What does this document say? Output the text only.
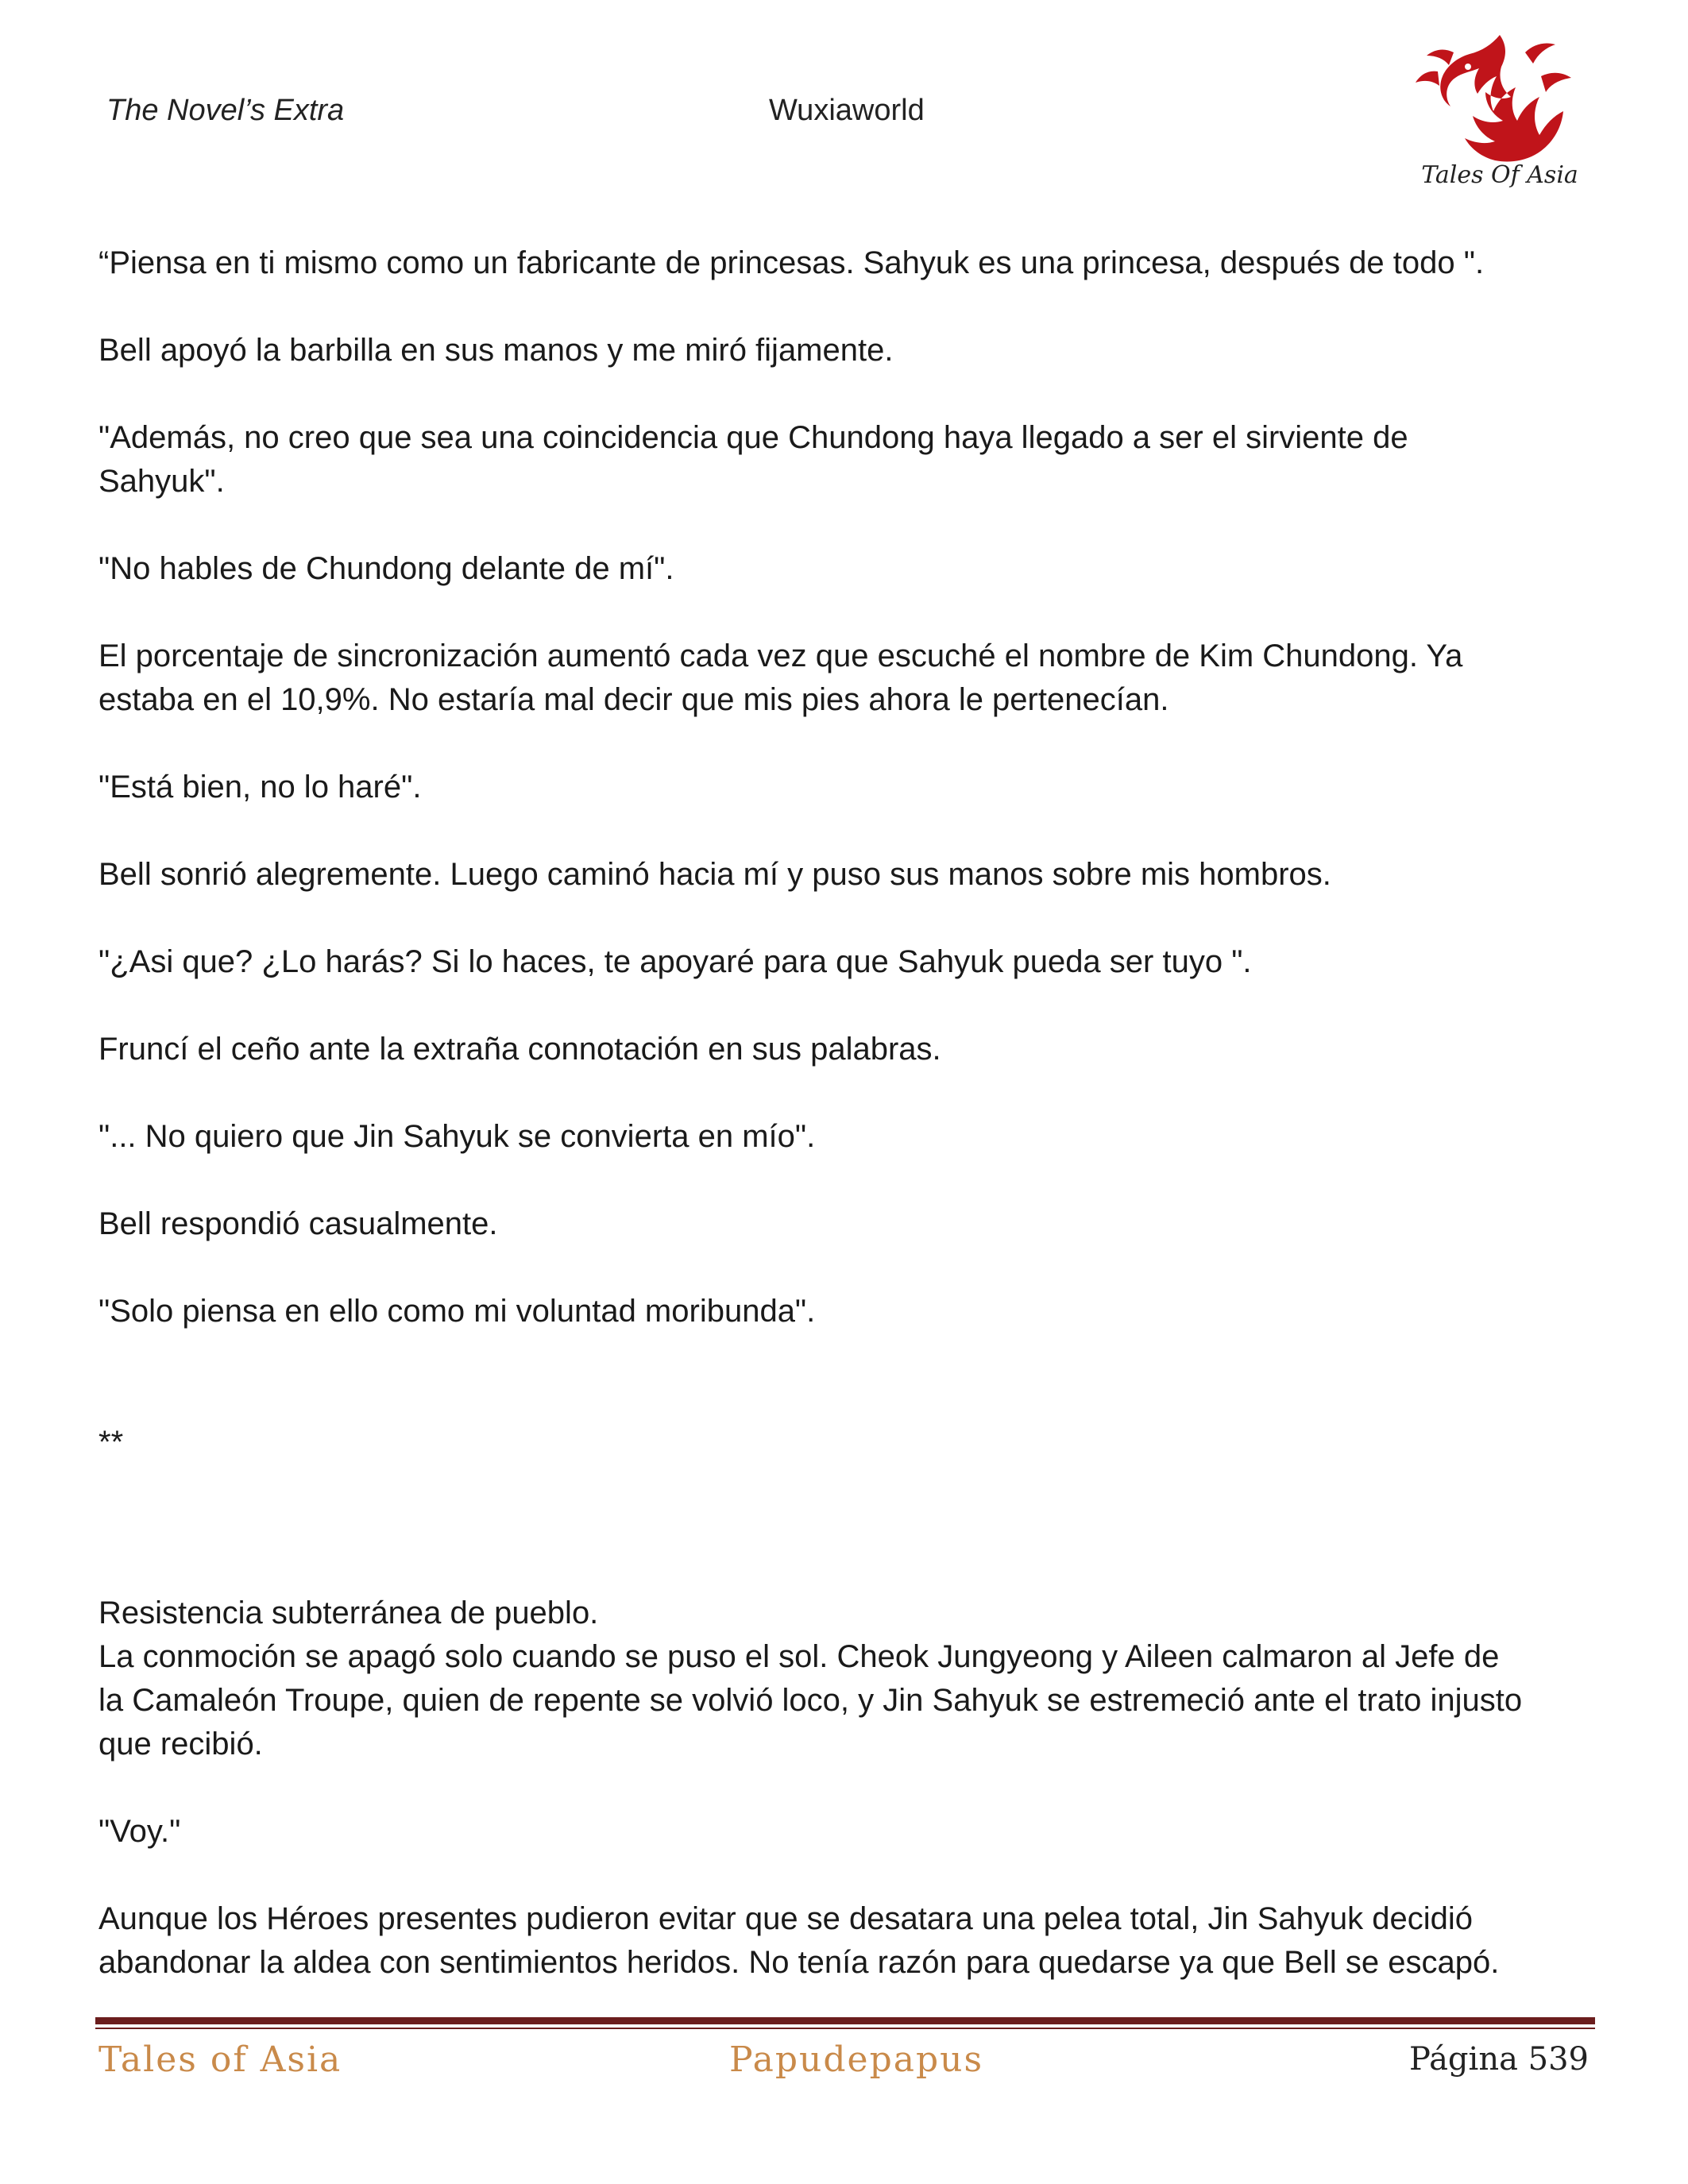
The Novel’s Extra	Wuxiaworld
Tales Of Asia

“Piensa en ti mismo como un fabricante de princesas. Sahyuk es una princesa, después de todo ".

Bell apoyó la barbilla en sus manos y me miró fijamente.

"Además, no creo que sea una coincidencia que Chundong haya llegado a ser el sirviente de

Sahyuk".

"No hables de Chundong delante de mí".

El porcentaje de sincronización aumentó cada vez que escuché el nombre de Kim Chundong. Ya

estaba en el 10,9%. No estaría mal decir que mis pies ahora le pertenecían.

"Está bien, no lo haré".

Bell sonrió alegremente. Luego caminó hacia mí y puso sus manos sobre mis hombros.

"¿Asi que? ¿Lo harás? Si lo haces, te apoyaré para que Sahyuk pueda ser tuyo ".

Fruncí el ceño ante la extraña connotación en sus palabras.

"... No quiero que Jin Sahyuk se convierta en mío".

Bell respondió casualmente.

"Solo piensa en ello como mi voluntad moribunda".

**

Resistencia subterránea de pueblo.

La conmoción se apagó solo cuando se puso el sol. Cheok Jungyeong y Aileen calmaron al Jefe de

la Camaleón Troupe, quien de repente se volvió loco, y Jin Sahyuk se estremeció ante el trato injusto

que recibió.

"Voy."

Aunque los Héroes presentes pudieron evitar que se desatara una pelea total, Jin Sahyuk decidió

abandonar la aldea con sentimientos heridos. No tenía razón para quedarse ya que Bell se escapó.

Tales of Asia	Papudepapus	Página 539
